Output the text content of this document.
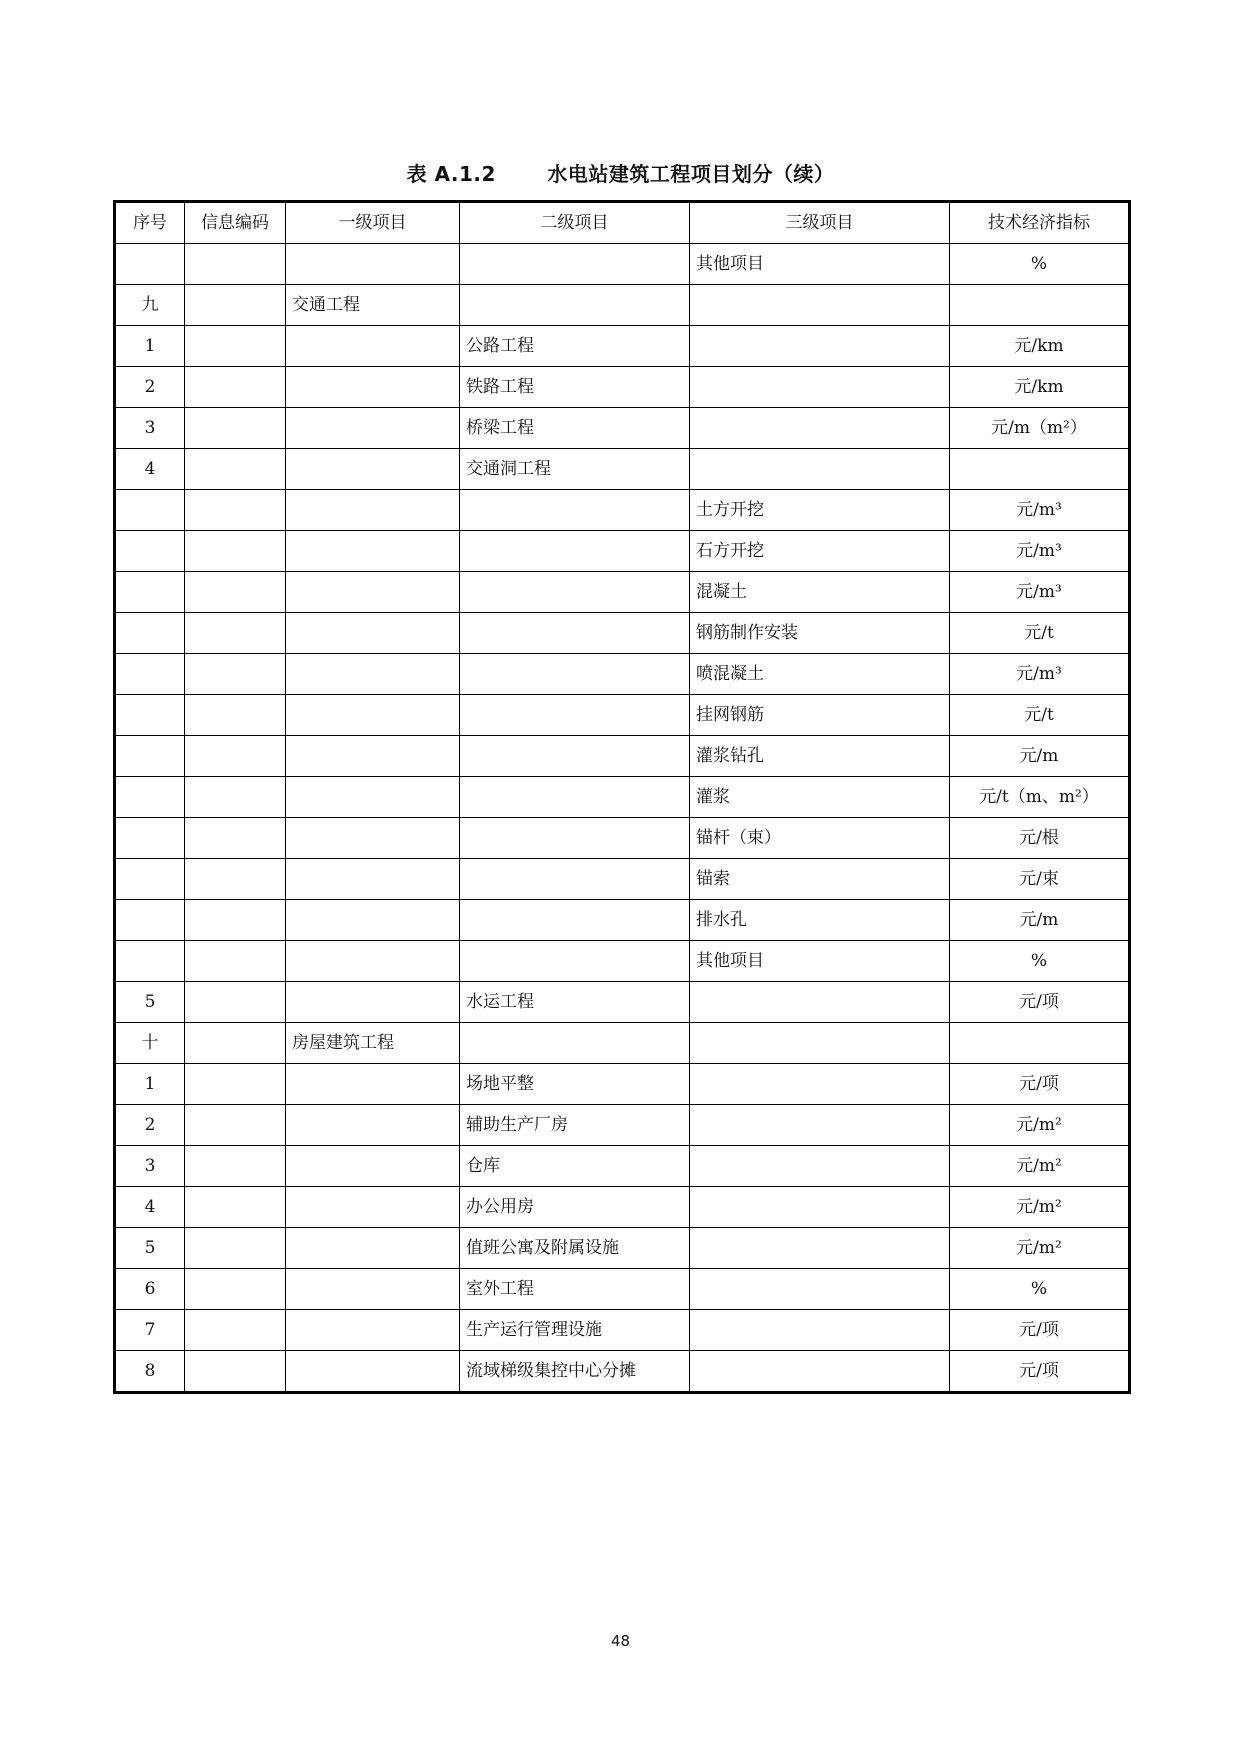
表 A.1.2	水电站建筑工程项目划分（续）
序号	信息编码	一级项目	二级项目	三级项目	技术经济指标
				其他项目	%
九		交通工程			
1			公路工程		元/km
2			铁路工程		元/km
3			桥梁工程		元/m（m²）
4			交通洞工程		
				土方开挖	元/m³
				石方开挖	元/m³
				混凝土	元/m³
				钢筋制作安装	元/t
				喷混凝土	元/m³
				挂网钢筋	元/t
				灌浆钻孔	元/m
				灌浆	元/t（m、m²）
				锚杆（束）	元/根
				锚索	元/束
				排水孔	元/m
				其他项目	%
5			水运工程		元/项
十		房屋建筑工程			
1			场地平整		元/项
2			辅助生产厂房		元/m²
3			仓库		元/m²
4			办公用房		元/m²
5			值班公寓及附属设施		元/m²
6			室外工程		%
7			生产运行管理设施		元/项
8			流域梯级集控中心分摊		元/项
48
